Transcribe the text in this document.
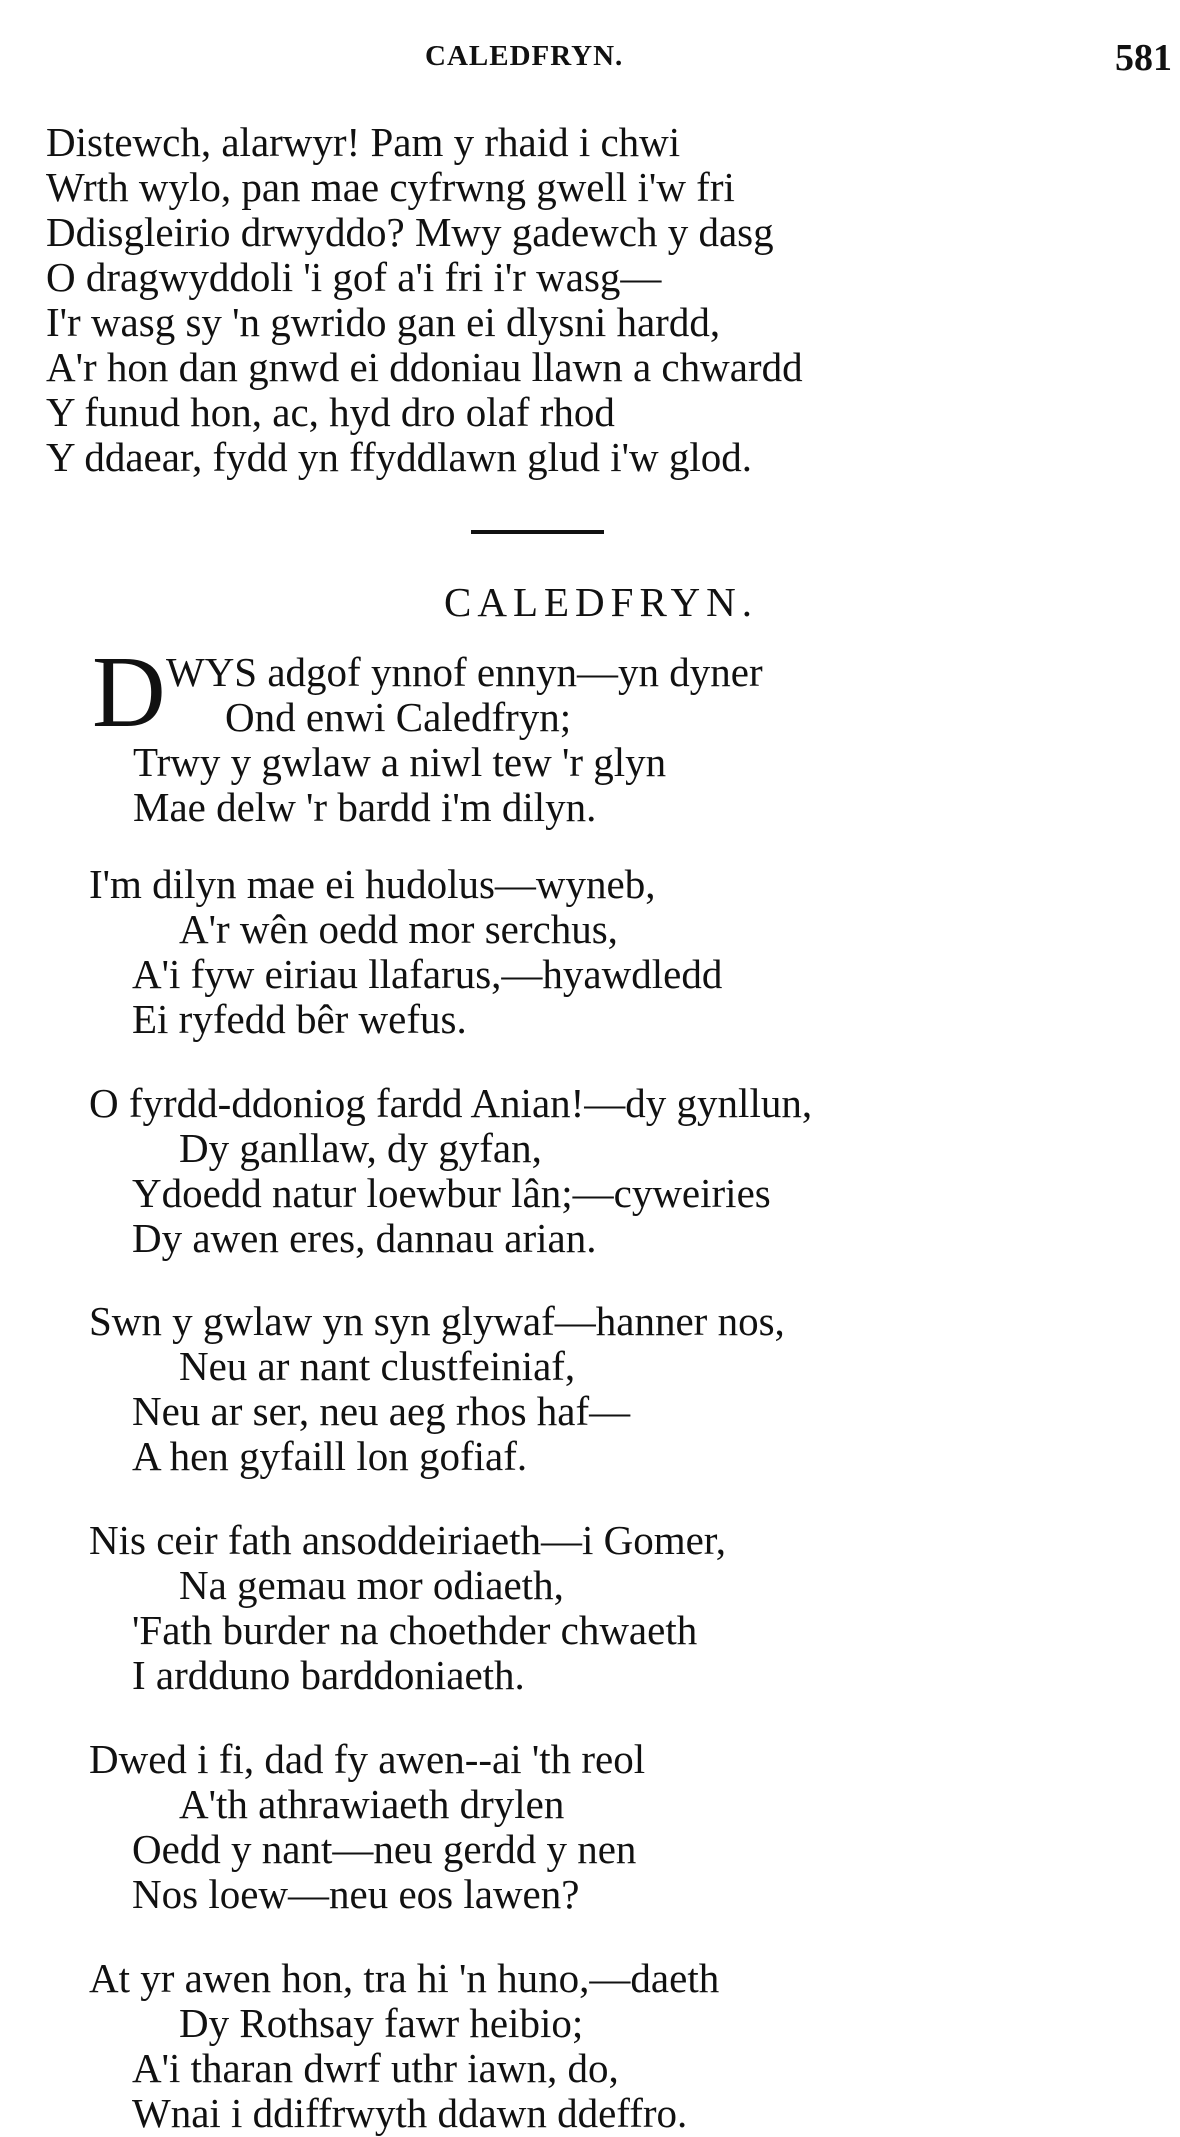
CALEDFRYN.	581
Distewch, alarwyr! Pam y rhaid i chwi
Wrth wylo, pan mae cyfrwng gwell i'w fri
Ddisgleirio drwyddo? Mwy gadewch y dasg
O dragwyddoli 'i gof a'i fri i'r wasg—
I'r wasg sy 'n gwrido gan ei dlysni hardd,
A'r hon dan gnwd ei ddoniau llawn a chwardd
Y funud hon, ac, hyd dro olaf rhod
Y ddaear, fydd yn ffyddlawn glud i'w glod.
CALEDFRYN.
D WYS adgof ynnof ennyn—yn dyner
Ond enwi Caledfryn;
Trwy y gwlaw a niwl tew 'r glyn
Mae delw 'r bardd i'm dilyn.
I'm dilyn mae ei hudolus—wyneb,
A'r wên oedd mor serchus,
A'i fyw eiriau llafarus,—hyawdledd
Ei ryfedd bêr wefus.
O fyrdd-ddoniog fardd Anian!—dy gynllun,
Dy ganllaw, dy gyfan,
Ydoedd natur loewbur lân;—cyweiries
Dy awen eres, dannau arian.
Swn y gwlaw yn syn glywaf—hanner nos,
Neu ar nant clustfeiniaf,
Neu ar ser, neu aeg rhos haf—
A hen gyfaill lon gofiaf.
Nis ceir fath ansoddeiriaeth—i Gomer,
Na gemau mor odiaeth,
'Fath burder na choethder chwaeth
I ardduno barddoniaeth.
Dwed i fi, dad fy awen--ai 'th reol
A'th athrawiaeth drylen
Oedd y nant—neu gerdd y nen
Nos loew—neu eos lawen?
At yr awen hon, tra hi 'n huno,—daeth
Dy Rothsay fawr heibio;
A'i tharan dwrf uthr iawn, do,
Wnai i ddiffrwyth ddawn ddeffro.
